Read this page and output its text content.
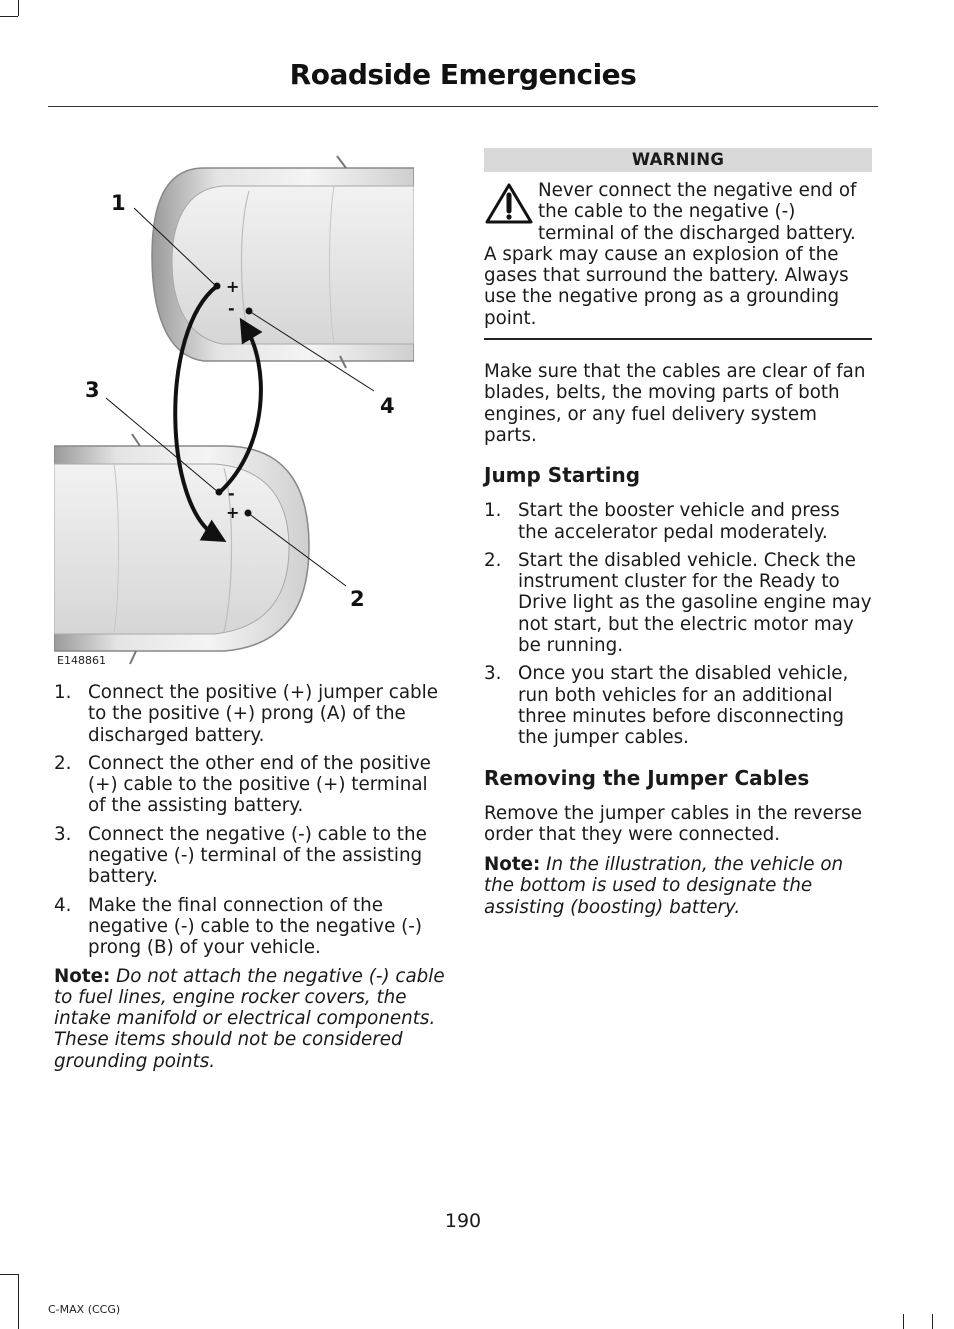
Roadside Emergencies
+
-
-
+
1
2
3
4
E148861
1. Connect the positive (+) jumper cable to the positive (+) prong (A) of the discharged battery.
2. Connect the other end of the positive (+) cable to the positive (+) terminal of the assisting battery.
3. Connect the negative (-) cable to the negative (-) terminal of the assisting battery.
4. Make the final connection of the negative (-) cable to the negative (-) prong (B) of your vehicle.

Note: Do not attach the negative (-) cable to fuel lines, engine rocker covers, the intake manifold or electrical components. These items should not be considered grounding points.

WARNING
Never connect the negative end of the cable to the negative (-) terminal of the discharged battery. A spark may cause an explosion of the gases that surround the battery. Always use the negative prong as a grounding point.

Make sure that the cables are clear of fan blades, belts, the moving parts of both engines, or any fuel delivery system parts.

Jump Starting
1. Start the booster vehicle and press the accelerator pedal moderately.
2. Start the disabled vehicle. Check the instrument cluster for the Ready to Drive light as the gasoline engine may not start, but the electric motor may be running.
3. Once you start the disabled vehicle, run both vehicles for an additional three minutes before disconnecting the jumper cables.
Removing the Jumper Cables

Remove the jumper cables in the reverse order that they were connected.

Note: In the illustration, the vehicle on the bottom is used to designate the assisting (boosting) battery.

190
C-MAX (CCG)
